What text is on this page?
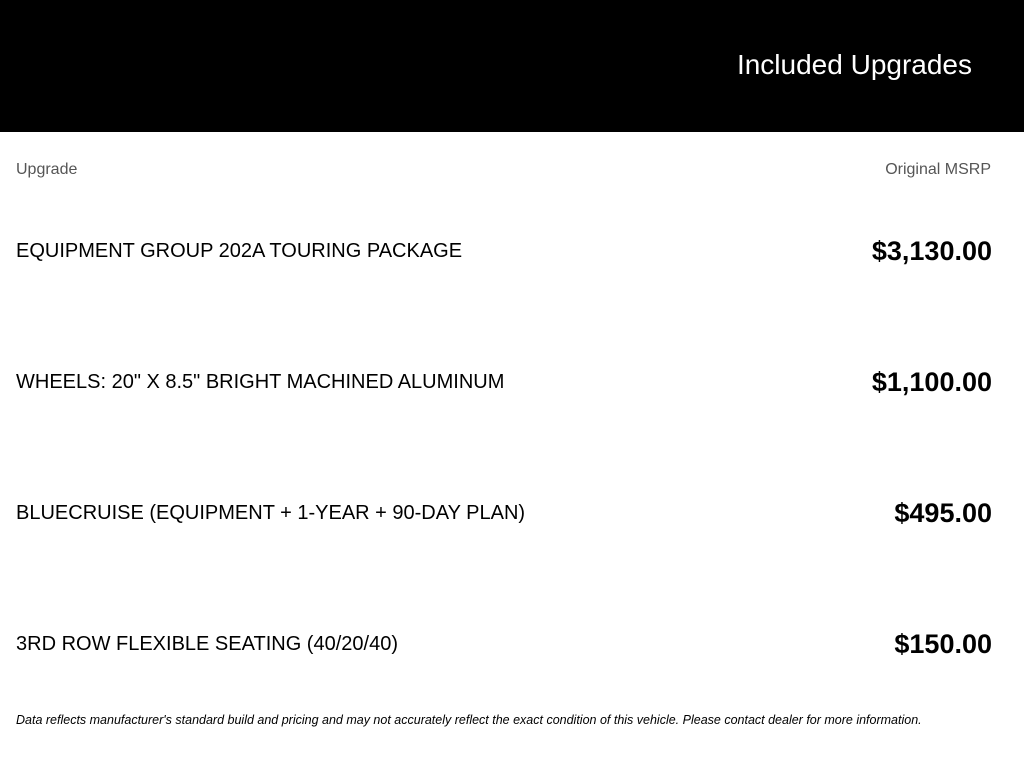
Included Upgrades
Upgrade	Original MSRP
EQUIPMENT GROUP 202A TOURING PACKAGE	$3,130.00
WHEELS: 20" X 8.5" BRIGHT MACHINED ALUMINUM	$1,100.00
BLUECRUISE (EQUIPMENT + 1-YEAR + 90-DAY PLAN)	$495.00
3RD ROW FLEXIBLE SEATING (40/20/40)	$150.00
Data reflects manufacturer's standard build and pricing and may not accurately reflect the exact condition of this vehicle. Please contact dealer for more information.
